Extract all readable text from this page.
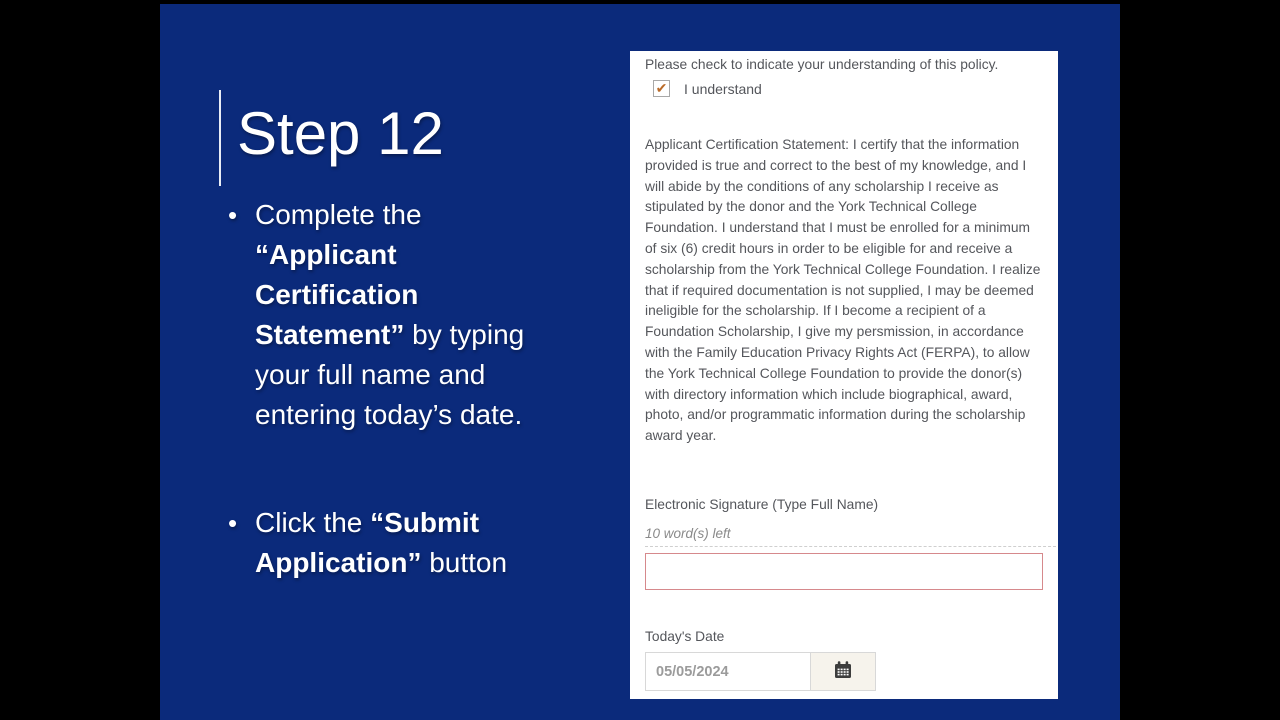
Step 12
• Complete the “Applicant Certification Statement” by typing your full name and entering today’s date.
• Click the “Submit Application” button
Please check to indicate your understanding of this policy.
✔ I understand
Applicant Certification Statement: I certify that the information provided is true and correct to the best of my knowledge, and I will abide by the conditions of any scholarship I receive as stipulated by the donor and the York Technical College Foundation. I understand that I must be enrolled for a minimum of six (6) credit hours in order to be eligible for and receive a scholarship from the York Technical College Foundation. I realize that if required documentation is not supplied, I may be deemed ineligible for the scholarship. If I become a recipient of a Foundation Scholarship, I give my persmission, in accordance with the Family Education Privacy Rights Act (FERPA), to allow the York Technical College Foundation to provide the donor(s) with directory information which include biographical, award, photo, and/or programmatic information during the scholarship award year.
Electronic Signature (Type Full Name)
10 word(s) left
Today's Date
05/05/2024
